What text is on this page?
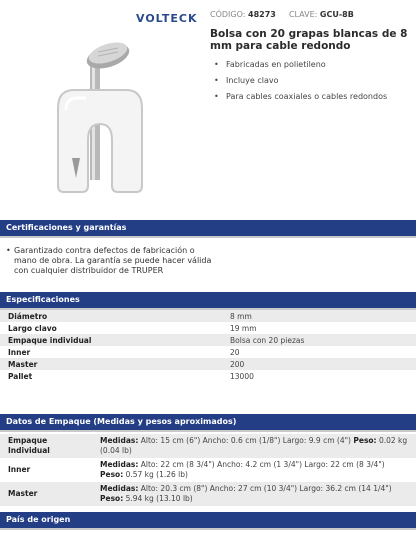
VOLTECK CÓDIGO: 48273 CLAVE: GCU-8B
Bolsa con 20 grapas blancas de 8 mm para cable redondo
• Fabricadas en polietileno
• Incluye clavo
• Para cables coaxiales o cables redondos
Certificaciones y garantías
• Garantizado contra defectos de fabricación o mano de obra. La garantía se puede hacer válida con cualquier distribuidor de TRUPER
Especificaciones
Diámetro	8 mm
Largo clavo	19 mm
Empaque individual	Bolsa con 20 piezas
Inner	20
Master	200
Pallet	13000
Datos de Empaque (Medidas y pesos aproximados)
Empaque Individual	Medidas: Alto: 15 cm (6") Ancho: 0.6 cm (1/8") Largo: 9.9 cm (4") Peso: 0.02 kg (0.04 lb)
Inner	Medidas: Alto: 22 cm (8 3/4") Ancho: 4.2 cm (1 3/4") Largo: 22 cm (8 3/4") Peso: 0.57 kg (1.26 lb)
Master	Medidas: Alto: 20.3 cm (8") Ancho: 27 cm (10 3/4") Largo: 36.2 cm (14 1/4") Peso: 5.94 kg (13.10 lb)
País de origen
